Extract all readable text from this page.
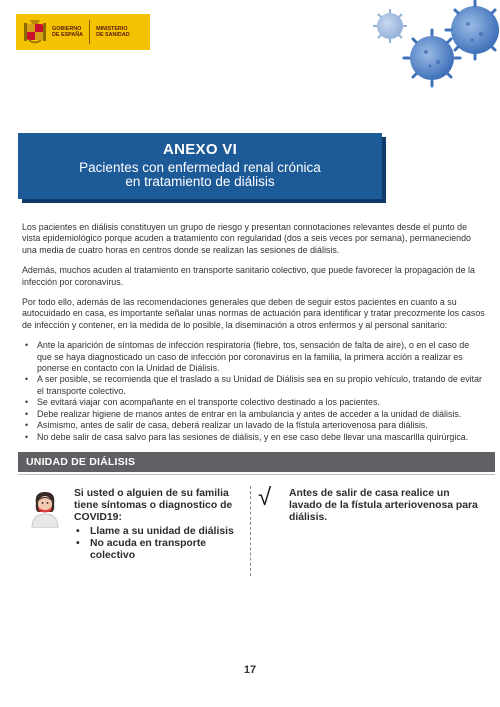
GOBIERNO
DE ESPAÑA
MINISTERIO
DE SANIDAD
ANEXO VI
Pacientes con enfermedad renal crónica
en tratamiento de diálisis

Los pacientes en diálisis constituyen un grupo de riesgo y presentan connotaciones relevantes desde el punto de vista epidemiológico porque acuden a tratamiento con regularidad (dos a seis veces por semana), permaneciendo una media de cuatro horas en centros donde se realizan las sesiones de diálisis.

Además, muchos acuden al tratamiento en transporte sanitario colectivo, que puede favorecer la propagación de la infección por coronavirus.

Por todo ello, además de las recomendaciones generales que deben de seguir estos pacientes en cuanto a su autocuidado en casa, es importante señalar unas normas de actuación para identificar y tratar precozmente los casos de infección y contener, en la medida de lo posible, la diseminación a otros enfermos y al personal sanitario:

• Ante la aparición de síntomas de infección respiratoria (fiebre, tos, sensación de falta de aire), o en el caso de que se haya diagnosticado un caso de infección por coronavirus en la familia, la primera acción a realizar es ponerse en contacto con la Unidad de Diálisis.
• A ser posible, se recomienda que el traslado a su Unidad de Diálisis sea en su propio vehículo, tratando de evitar el transporte colectivo.
• Se evitará viajar con acompañante en el transporte colectivo destinado a los pacientes.
• Debe realizar higiene de manos antes de entrar en la ambulancia y antes de acceder a la unidad de diálisis.
• Asimismo, antes de salir de casa, deberá realizar un lavado de la fístula arteriovenosa para diálisis.
• No debe salir de casa salvo para las sesiones de diálisis, y en ese caso debe llevar una mascarilla quirúrgica.
UNIDAD DE DIÁLISIS
Si usted o alguien de su familia tiene síntomas o diagnostico de COVID19:
• Llame a su unidad de diálisis
• No acuda en transporte colectivo
√ Antes de salir de casa realice un lavado de la fístula arteriovenosa para diálisis.
17
